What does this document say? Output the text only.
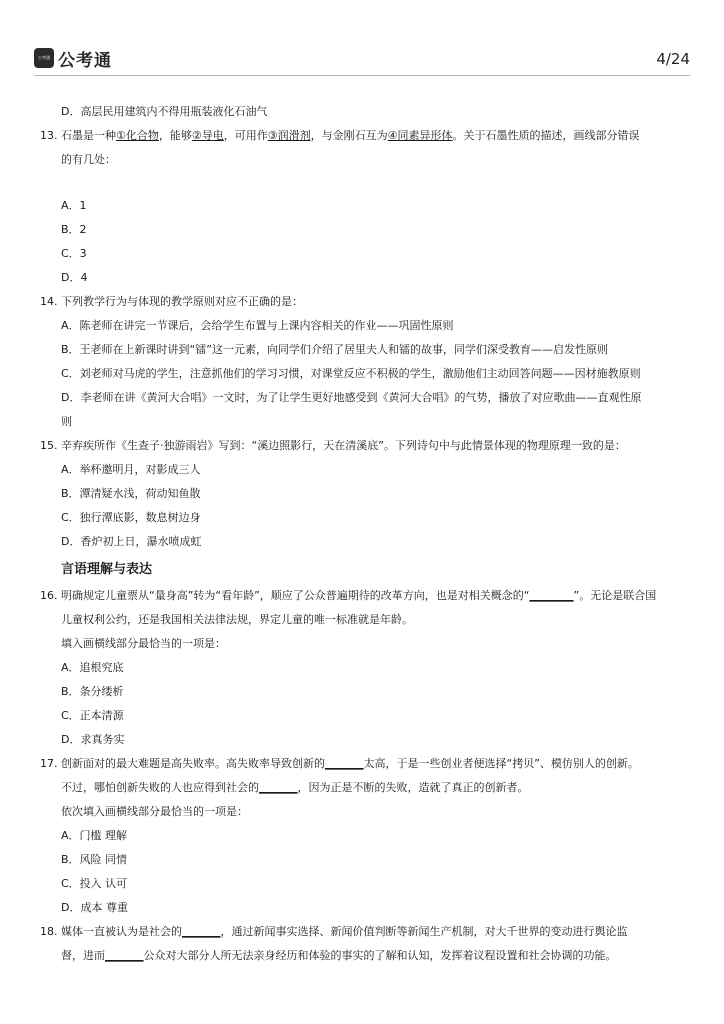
公考通 公考通	4/24
D．高层民用建筑内不得用瓶装液化石油气
13. 石墨是一种①化合物，能够②导电，可用作③润滑剂，与金刚石互为④同素异形体。关于石墨性质的描述，画线部分错误
的有几处：
A．1
B．2
C．3
D．4
14. 下列教学行为与体现的教学原则对应不正确的是：
A．陈老师在讲完一节课后，会给学生布置与上课内容相关的作业——巩固性原则
B．王老师在上新课时讲到“镭”这一元素，向同学们介绍了居里夫人和镭的故事，同学们深受教育——启发性原则
C．刘老师对马虎的学生，注意抓他们的学习习惯，对课堂反应不积极的学生，激励他们主动回答问题——因材施教原则
D．李老师在讲《黄河大合唱》一文时，为了让学生更好地感受到《黄河大合唱》的气势，播放了对应歌曲——直观性原
则
15. 辛弃疾所作《生查子·独游雨岩》写到：“溪边照影行，天在清溪底”。下列诗句中与此情景体现的物理原理一致的是：
A．举杯邀明月，对影成三人
B．潭清疑水浅，荷动知鱼散
C．独行潭底影，数息树边身
D．香炉初上日，瀑水喷成虹
言语理解与表达
16. 明确规定儿童票从“量身高”转为“看年龄”，顺应了公众普遍期待的改革方向，也是对相关概念的“________”。无论是联合国
儿童权利公约，还是我国相关法律法规，界定儿童的唯一标准就是年龄。
填入画横线部分最恰当的一项是：
A．追根究底
B．条分缕析
C．正本清源
D．求真务实
17. 创新面对的最大难题是高失败率。高失败率导致创新的_______太高，于是一些创业者便选择“拷贝”、模仿别人的创新。
不过，哪怕创新失败的人也应得到社会的_______，因为正是不断的失败，造就了真正的创新者。
依次填入画横线部分最恰当的一项是：
A．门槛 理解
B．风险 同情
C．投入 认可
D．成本 尊重
18. 媒体一直被认为是社会的_______，通过新闻事实选择、新闻价值判断等新闻生产机制，对大千世界的变动进行舆论监
督，进而_______公众对大部分人所无法亲身经历和体验的事实的了解和认知，发挥着议程设置和社会协调的功能。
